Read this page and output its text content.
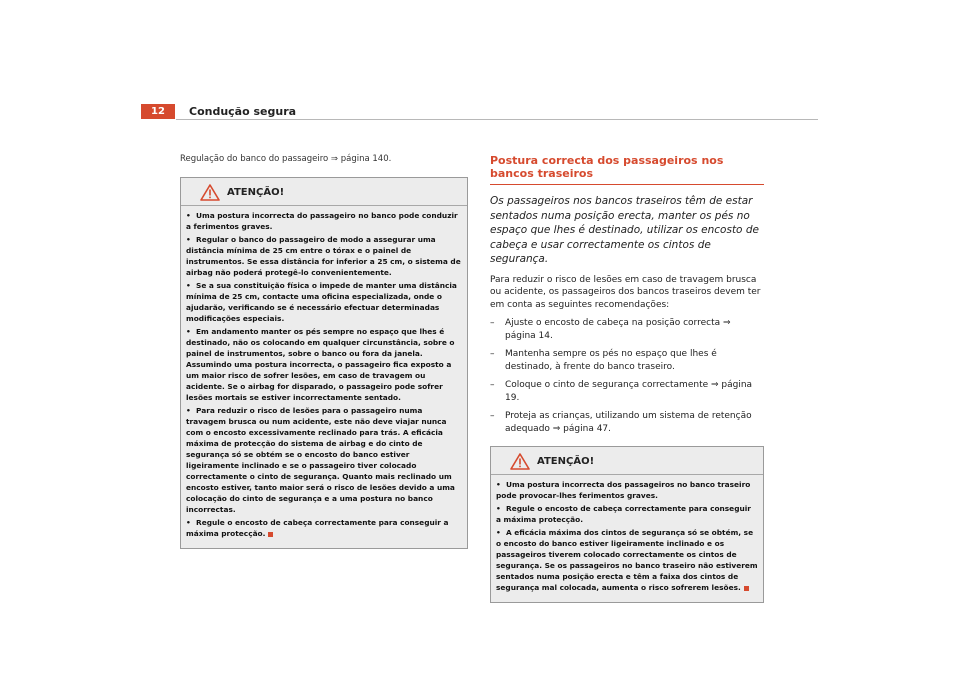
12	Condução segura

Regulação do banco do passageiro ⇒ página 140.

ATENÇÃO!

• Uma postura incorrecta do passageiro no banco pode conduzir a ferimentos graves.

• Regular o banco do passageiro de modo a assegurar uma distância mínima de 25 cm entre o tórax e o painel de instrumentos. Se essa distância for inferior a 25 cm, o sistema de airbag não poderá protegê-lo convenientemente.

• Se a sua constituição física o impede de manter uma distância mínima de 25 cm, contacte uma oficina especializada, onde o ajudarão, verificando se é necessário efectuar determinadas modificações especiais.

• Em andamento manter os pés sempre no espaço que lhes é destinado, não os colocando em qualquer circunstância, sobre o painel de instrumentos, sobre o banco ou fora da janela. Assumindo uma postura incorrecta, o passageiro fica exposto a um maior risco de sofrer lesões, em caso de travagem ou acidente. Se o airbag for disparado, o passageiro pode sofrer lesões mortais se estiver incorrectamente sentado.

• Para reduzir o risco de lesões para o passageiro numa travagem brusca ou num acidente, este não deve viajar nunca com o encosto excessivamente reclinado para trás. A eficácia máxima de protecção do sistema de airbag e do cinto de segurança só se obtém se o encosto do banco estiver ligeiramente inclinado e se o passageiro tiver colocado correctamente o cinto de segurança. Quanto mais reclinado um encosto estiver, tanto maior será o risco de lesões devido a uma colocação do cinto de segurança e a uma postura no banco incorrectas.

• Regule o encosto de cabeça correctamente para conseguir a máxima protecção.

Postura correcta dos passageiros nos bancos traseiros

Os passageiros nos bancos traseiros têm de estar sentados numa posição erecta, manter os pés no espaço que lhes é destinado, utilizar os encosto de cabeça e usar correctamente os cintos de segurança.

Para reduzir o risco de lesões em caso de travagem brusca ou acidente, os passageiros dos bancos traseiros devem ter em conta as seguintes recomendações:

–	Ajuste o encosto de cabeça na posição correcta ⇒ página 14.
–	Mantenha sempre os pés no espaço que lhes é destinado, à frente do banco traseiro.
–	Coloque o cinto de segurança correctamente ⇒ página 19.
–	Proteja as crianças, utilizando um sistema de retenção adequado ⇒ página 47.
ATENÇÃO!

• Uma postura incorrecta dos passageiros no banco traseiro pode provocar-lhes ferimentos graves.

• Regule o encosto de cabeça correctamente para conseguir a máxima protecção.

• A eficácia máxima dos cintos de segurança só se obtém, se o encosto do banco estiver ligeiramente inclinado e os passageiros tiverem colocado correctamente os cintos de segurança. Se os passageiros no banco traseiro não estiverem sentados numa posição erecta e têm a faixa dos cintos de segurança mal colocada, aumenta o risco sofrerem lesões.
